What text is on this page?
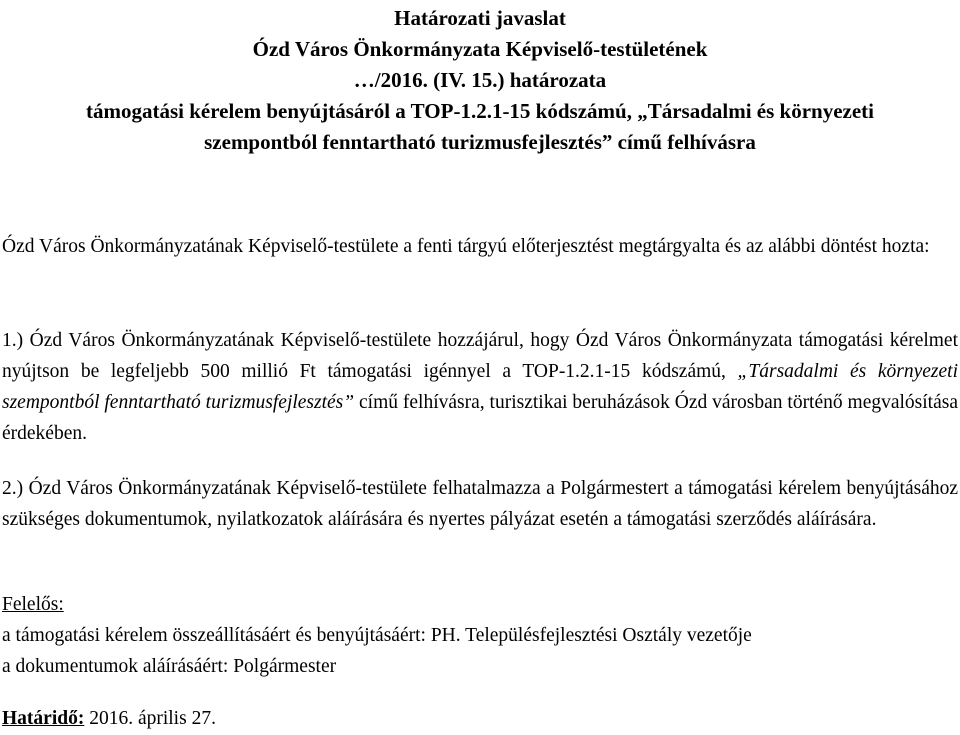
Határozati javaslat
Ózd Város Önkormányzata Képviselő-testületének
…/2016. (IV. 15.) határozata
támogatási kérelem benyújtásáról a TOP-1.2.1-15 kódszámú, „Társadalmi és környezeti
szempontból fenntartható turizmusfejlesztés” című felhívásra
Ózd Város Önkormányzatának Képviselő-testülete a fenti tárgyú előterjesztést megtárgyalta és az alábbi döntést hozta:
1.) Ózd Város Önkormányzatának Képviselő-testülete hozzájárul, hogy Ózd Város Önkormányzata támogatási kérelmet nyújtson be legfeljebb 500 millió Ft támogatási igénnyel a TOP-1.2.1-15 kódszámú, „Társadalmi és környezeti szempontból fenntartható turizmusfejlesztés” című felhívásra, turisztikai beruházások Ózd városban történő megvalósítása érdekében.
2.) Ózd Város Önkormányzatának Képviselő-testülete felhatalmazza a Polgármestert a támogatási kérelem benyújtásához szükséges dokumentumok, nyilatkozatok aláírására és nyertes pályázat esetén a támogatási szerződés aláírására.
Felelős:
a támogatási kérelem összeállításáért és benyújtásáért: PH. Településfejlesztési Osztály vezetője
a dokumentumok aláírásáért: Polgármester
Határidő: 2016. április 27.
